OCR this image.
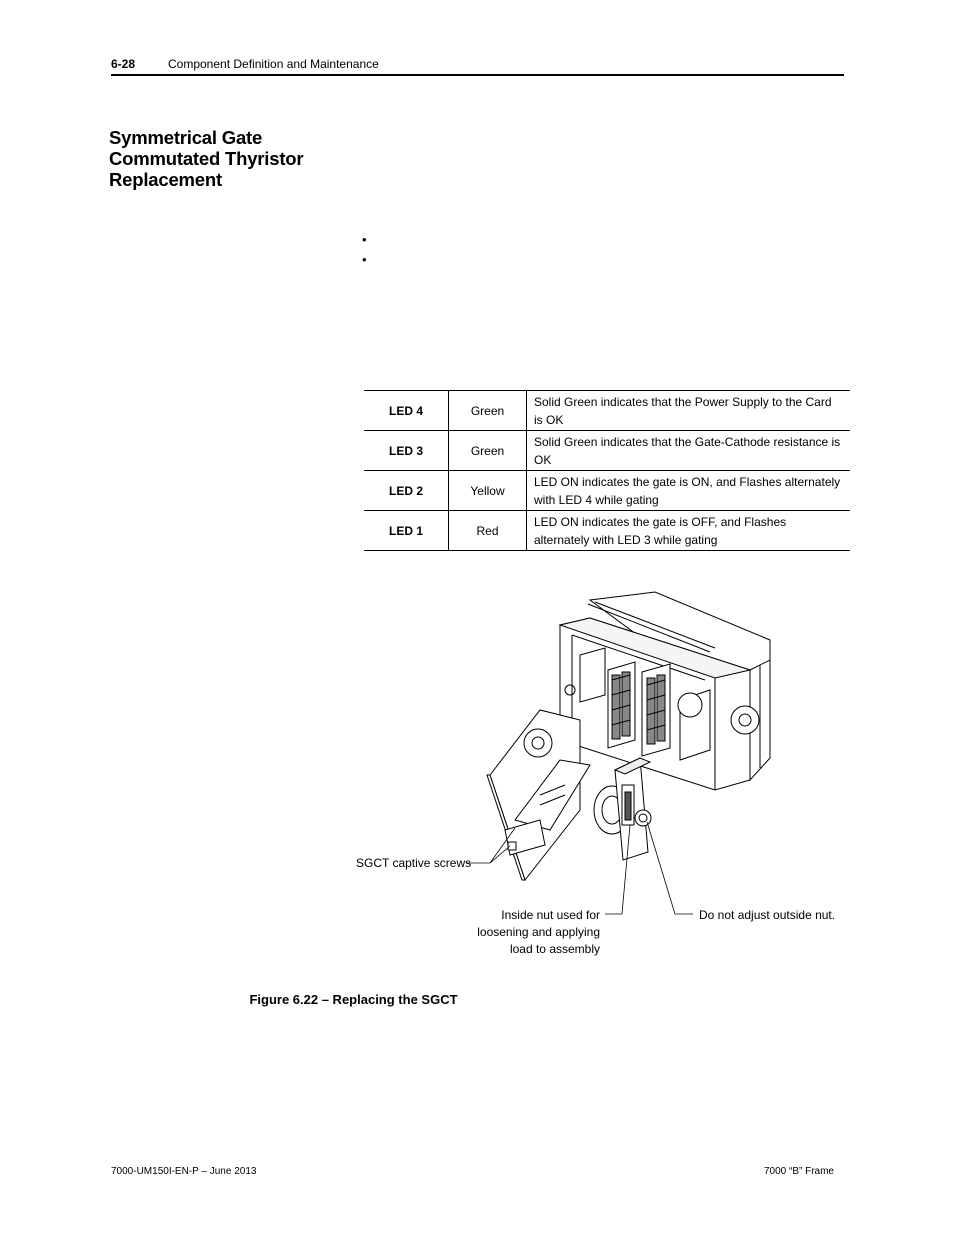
6-28	Component Definition and Maintenance
Symmetrical Gate Commutated Thyristor Replacement
•
•
LED 4	Green	Solid Green indicates that the Power Supply to the Card is OK
LED 3	Green	Solid Green indicates that the Gate-Cathode resistance is OK
LED 2	Yellow	LED ON indicates the gate is ON, and Flashes alternately with LED 4 while gating
LED 1	Red	LED ON indicates the gate is OFF, and Flashes alternately with LED 3 while gating
SGCT captive screws
Inside nut used for loosening and applying load to assembly
Do not adjust outside nut.
Figure 6.22 – Replacing the SGCT
7000-UM150I-EN-P – June 2013	7000 “B” Frame
